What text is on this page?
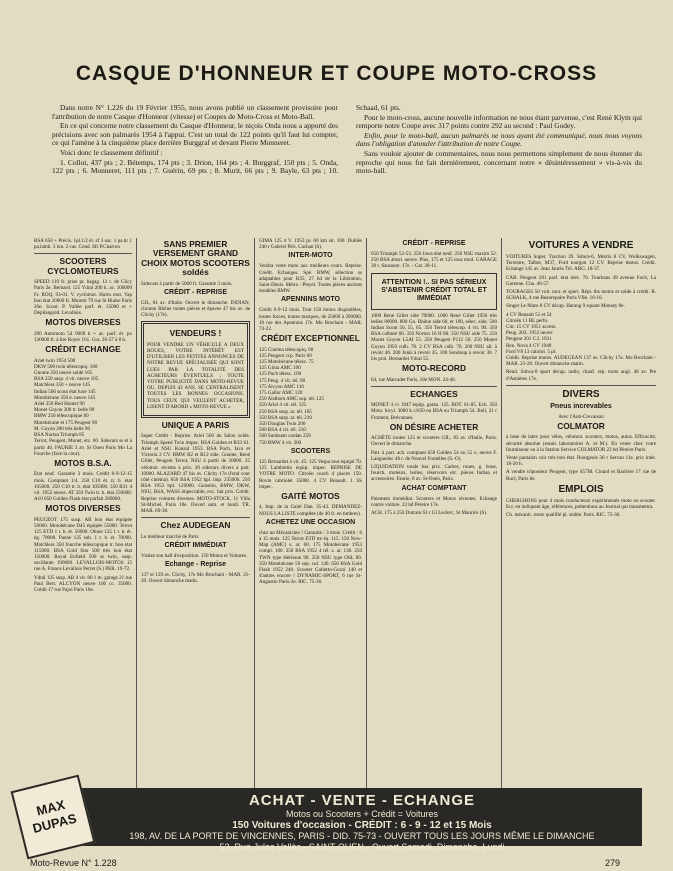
CASQUE D'HONNEUR ET COUPE MOTO-CROSS

Dans notre N° 1.226 du 19 Février 1955, nous avons publié un classement provisoire pour l'attribution de notre Casque d'Honneur (vitesse) et Coupes de Moto-Cross et Moto-Ball.

En ce qui concerne notre classement du Casque d'Honneur, le niçois Onda nous a apporté des précisions avec son palmarès 1954 à l'appui. C'est un total de 122 points qu'il faut lui compter, ce qui l'amène à la cinquième place derrière Burggraf et devant Pierre Monneret.

Voici donc le classement définitif :

1. Collot, 437 pts ; 2. Bétemps, 174 pts ; 3. Drion, 164 pts ; 4. Burggraf, 150 pts ; 5. Onda, 122 pts ; 6. Monneret, 111 pts ; 7. Guérin, 69 pts ; 8. Murit, 66 pts ; 9. Bayle, 63 pts ; 10. Schaad, 61 pts.

Pour le moto-cross, aucune nouvelle information ne nous étant parvenue, c'est René Klym qui remporte notre Coupe avec 317 points contre 292 au second : Paul Godey.

Enfin, pour le moto-ball, aucun palmarès ne nous ayant été communiqué, nous nous voyons dans l'obligation d'annuler l'attribution de notre Coupe.

Sans vouloir ajouter de commentaires, nous nous permettons simplement de nous étonner du reproche qui nous fut fait dernièrement, concernant notre « désintéressement » vis-à-vis du moto-ball.

BSA 650 + Précis. 1pl.1/2 ét. sf 3 sac. 1 pa.br 1 pa.lamb. 3 lun. 2 cas. Cond. Sfr P.Charron
SCOOTERS CYCLOMOTEURS
SPEED 110 fr. prise pr. bagag. 12 r. de Clicy Paris 2e. Bernard. 125 Ydral 200 k. ac. 100000 Fr. ROQ. 93-01. V. cyclomot. Hurtu mot. Vap bon état 20000 fr. Muretti 79 rue St Blaise Paris 20e. Scoot. P. Vallée parf. ét. 35000 et + Depilangold. Levallois.
MOTOS DIVERSES
200 Automoto 54 9000 k + ac. parf. ét. px 130000 fr. à lire Royer 161. Gra. 26-37 à 8 h.
CRÉDIT ECHANGE
Ariel twin 1954 500
DKW 500 twin télescopiq. 160
Gnome 350 neuve soldé 165
BSA 350 susp. 4 vit. neuve 105
Matchless 350 + neuve 145
Indian 500 scout état luxe 145
Motobécane 350 é. neuve 145
Ariel 350 Red Hunter 90
Monet Goyon 300 tr. belle 90
BMW 250 télescopique 80
Motobécane et 175 Peugeot 90
M. Goyon 200 très belle 90
BSA Nortan Triumph 85
Terrot, Peugeot, Monet, etc. 60. Sidecars ss et à partir 40. FAURIE 3 av. St Ouen Paris Mo La Fourche (face la cour).
MOTOS B.S.A.
Etat neuf. Garantie 3 mois. Crédit 6-9-12-15 mois. Comptant 1/4. 250 C10 ét. tr. b. état 105000. 250 C10 tr. b. état 105000. 350 B31 4 vit. 1952 neuve. AT 350 Twin tr. b. état 250000. A10 650 Golden Flash état parfait 280000.
MOTOS DIVERSES
PEUGEOT 175 susp. AR bon état équipée 50000. Motobécane D45 équipée 55000. Terrot 125 ETD 1 t. b. ét. 50000. Ohnie 125 1 t. b. ét. ég. 70000. Panne 125 sub. 1 t. b. ét. 70000. Matchless 350 fourche téléscopique tr. bon état 115000. BSA Gold Star 500 très bon état 150000. Royal Enfield 500 ss twin, susp. oscillante 190000. LEVALLOIS-MOTOS 15 rue A. France Levallois Perret (S.) PER. 19-72.
Ydral 125 susp. AR 4 vit. 80 1 m. garage 21 rue Paul Bert. ALCYON neuve 100 cc. 35000. Crédit 17 rue Pajol Paris 18e.
SANS PREMIER VERSEMENT GRAND CHOIX MOTOS SCOOTERS soldés
Sidecars à partir de 5000 fr. Garantie 3 mois.
CRÉDIT - REPRISE
GIL, 81 av. d'Italie. Ouvert le dimanche. INDIAN, chrome Rhône toutes pièces et épaves 47 bis av. de Clichy (17e).
VENDEURS !
POUR VENDRE UN VÉHICULE A DEUX ROUES, VOTRE INTÉRÊT EST D'UTILISER LES PETITES ANNONCES DE NOTRE REVUE SPÉCIALISÉE QUI SONT LUES PAR LA TOTALITÉ DES ACHETEURS ÉVENTUELS ; TOUTE VOTRE PUBLICITÉ DANS MOTO-REVUE OU, DEPUIS 42 ANS, SE CENTRALISENT TOUTES LES BONNES OCCASIONS. TOUS CEUX QUI VEULENT ACHETER, LISENT D'ABORD « MOTO-REVUE »
UNIQUE A PARIS
Super Crédit - Reprise. Ariel 500 du Salon solde. Triumph Speed Twin impec. BSA Golden et B33 S1. Ariel et NSU Konsul 1953. BSA Poch, Java et Victoria 2 CV. BMW R2 et R12 side. Gnome, René Gillet, Peugeot Terrot, NSU à partir de 30000. 25 vélomot. récents à prix. 20 sidecars divers à part. 10000. ALAZARD 47 bis av. Clichy 17e (fond cour côté cinéma). 650 BSA 1952 hpl. imp. 235000. 250 BSA 1952 hpl. 120000. Guiselin, BMW, DKW, NSU, BSA, WASS impeccable, exc. fait prix. Crédit. Reprise voitures diverses. MOTO-STOCK, 11 Villa St-Michel, Paris 18e. Ouvert sam. et lundi. TR. MAR. 89-38.
Chez AUDEGEAN
Le meilleur marché de Paris
CRÉDIT IMMÉDIAT
Visitez son hall d'exposition. 150 Motos et Voitures.
Echange - Reprise
137 et 139 av. Clichy, 17e Mo Brochant - MAR. 21-29. Ouvert dimanche matin.
GIMA 125 4 V. 1953 pr. 60 km sit. 100. Dublés 240 r Gabriel Péri. Cachan (S).
INTER-MOTO
Vendra votre moto aux meilleurs cours. Reprise. Crédit. Echanges. Spé. BMW, sélection ss adaptables pour R35, 27 bd de la Libération, Saint-Denis. Métro : Pleyel. Toutes pièces anciens modèles BMW.
APENNINS MOTO
Crédit 6-9-12 mois. Tout 150 motos disponibles, toutes forces, toutes marques, de 25000 à 200000. 10 rue des Apennins 17e. Mo Brochant - MAR. 74-22.
CRÉDIT EXCEPTIONNEL
125 Cinéma télescopiq. 60
125 Peugeot ccp. Paris 60
125 Motobécane télesc. 75
125 Gima AMC 100
125 Puch télesc. 100
175 Peug. 4 vit. tél. 90
175 Alcyon AMC 110
175 Gallor AMC 120
250 Alsthom AMC sup. tél. 125
250 Ariel 4 vit. tél. 125
250 BSA susp. ar. tél. 185
350 BSA susp. ar. tél. 210
350 Douglas Twin 200
500 BSA 4 vit. tél. 210
500 Sunbeam cardan 250
750 BMW 4 vit. 200
SCOOTERS
125 Bernardet à vit. 45. 125 Vespa tout équipé 70. 125 Lambretta équip. impec. REPRISE DE VOTRE MOTO. Citroën coach 4 places 150. Rovin cabriolet 35000. 4 CV Renault. 1 SS impec.
GAITÉ MOTOS
4, Imp. de la Gaité Dan. 35-43. DEMANDEZ-NOUS LA LISTE complète (de 40 fr. en timbres).
ACHETEZ UNE OCCASION
chez un Mécanicien ! Garantie : 3 mois. Crédit : 6 à 15 mois. 125 Terrot ETD tte éq. 115. 150 New-Map (AMC) s. ar. 60. 175 Motobécane 1953 compl. 100. 250 BSA 1952 4 tél. s. ar. 130. 250 TWN type Hérisson 90. 350 NSU type OSL 80. 350 Motobécane 50 sup. cul. 140. 650 BSA Gold Flash 1952 240. Scooter Gallotto-Guzzi 140 et d'autres encore ! DYNAMIC-SPORT, 6 rue St-Augustin Paris-2e. RIC. 75-36.
CRÉDIT - REPRISE
650 Triumph 52-53. 250 Jawa état neuf. 250 NSU maxim 52. 250 BSA absol. neuve. Plus, 175 et 125 tous mod. GARAGE 38 r. Saussure. 17e. - Car. 28-11.
ATTENTION !.. SI PAS SÉRIEUX S'ABSTENIR CRÉDIT TOTAL ET IMMÉDIAT
1000 René Gillet side 70000. 1000 René Gillet 1950 très belles 80000. 800 Gn. Rhône side 60, et 100, sélec. side. 500 Indian Scout 50, 55, 65. 350 Terrot télescop. 4 vit. 90. 350 BSA culbuté 60. 350 Norton 16 H 80. 350 NSU side 75. 250 Monet Goyon L5AI 55. 250 Peugeot P112 50. 250 Monet Goyon 1950 culb. 70. 2 CV BSA culb. 70. 200 NSU all. à revoir 40. 200 Jonis à revoir 35. 100 Sondoup à revoir 30. 7 bis prol. Bernardet Ydral 55.
MOTO-RECORD
64, rue Marcadet Paris, 18e MON. 24-40.
ECHANGES
MONET 4 cv 1947 équip. garan. 125. BOT. 61-85. Ech. 350 Moto. hicyl. 3000 k c/650 ou BSA ou Triumph 54. Boll, 21 r Froment, Brévannes.
ON DÉSIRE ACHETER
ACHÈTE toutes 125 et scooters GIL, 83 av. d'Italie, Paris. Ouvert le dimanche.
Part. à part. ach. comptant 650 Golden 54 ou 55 o. neuve F. Languedoc 46 r. de Nouvel Fontelles (S.-O).
LIQUIDATION totale bas prix. Cadres, roues, g. boue, fourch. moteurs, boîtes, réservoirs etc. pièces Indian et accessoires. Faurie, 8 av. St-Ouen, Paris.
ACHAT COMPTANT
Paiement immédiat. Scooters et Motos récentes. Echange contre voiture. 23 bd Péreire 17e.
ACH. 175 à 250 Dutrain 63 r Gl Leclerc, St Maurice (S).
VOITURES A VENDRE
VOITURES Super. Traction 39. Simca-6, Morris 8 CV, Wolkswagen, Terrestre, Talbot, M37, Ford tourgon 12 CV. Reprise motos. Crédit. Echange 145 av. Jean Jaurès Tél. ARG. 18-37.
CAR. Peugeot 201 parf. état méc. 70. Tourhans 49 avenue Foch, La Garenne. Cha. 46-57.
TOURAGES 50 voit. tour. et sport. Répr. tbs motos et solde à crédit. R. SCHALK, 4 rue Beaurepaire Paris VIIe. 16-16.
Singer Le Mans 8 CV décap. Harang 9 square Monsey 8e.
4 CV Renault 51 et 54
Citroën 11 BL perfo.
Citr. 15 CV 1951 access.
Peug. 203. 1952 neuve
Peugeot 201 C.I. 1931
Ren. Nova 4 CV 1940
Ford V8 13 cabriol. 5 pl.
Crédit. Reprise motos. AUDEGEAN 137 av. Clichy 17e. Mo Brochant - MAR. 21-29. Ouvert dimanche matin.
Rend. Simca-8 sport décap. radio, chauf. rep. moto angl. 46 av. Pte d'Asnières 17e.
DIVERS
Pneus increvables
Avec l'Anti-Crevaison
COLMATOR
à base de latex pour vélos, vélomot. scooters, motos, autos. Efficacité, sécurité absolue (essais laboratoires A. et M.). En vente chez votre fournisseur ou à la Station Service COLMATOR 23 bd Péreire Paris.
Vente pantalon cuir très bon état. Bourgeois 36 r Servan 11e. prix intér. 18-20 h.
A vendre tripouteur Peugeot, type S57M. Cinard et Barrière 17 rue de Bucl, Paris 6e.
EMPLOIS
CHERCHONS pour 4 mois conducteurs expérimentés moto ou scooter. Ecr. en indiquant âge, références, prétentions au Journal qui transmettra.
Ch. mécanic. moto qualifié pl. stable. Paris. RIC. 75-36.
ACHAT - VENTE - ECHANGE
Motos ou Scooters + Crédit = Voitures
150 Voitures d'occasion - CRÉDIT : 6 - 9 - 12 et 15 Mois
198, AV. DE LA PORTE DE VINCENNES, PARIS - DID. 75-73 - OUVERT TOUS LES JOURS MÊME LE DIMANCHE
53, Rue Jules Vallès - SAINT-OUEN - Ouvert Samedi, Dimanche, Lundi
MAX DUPAS
Moto-Revue N° 1.228	279
